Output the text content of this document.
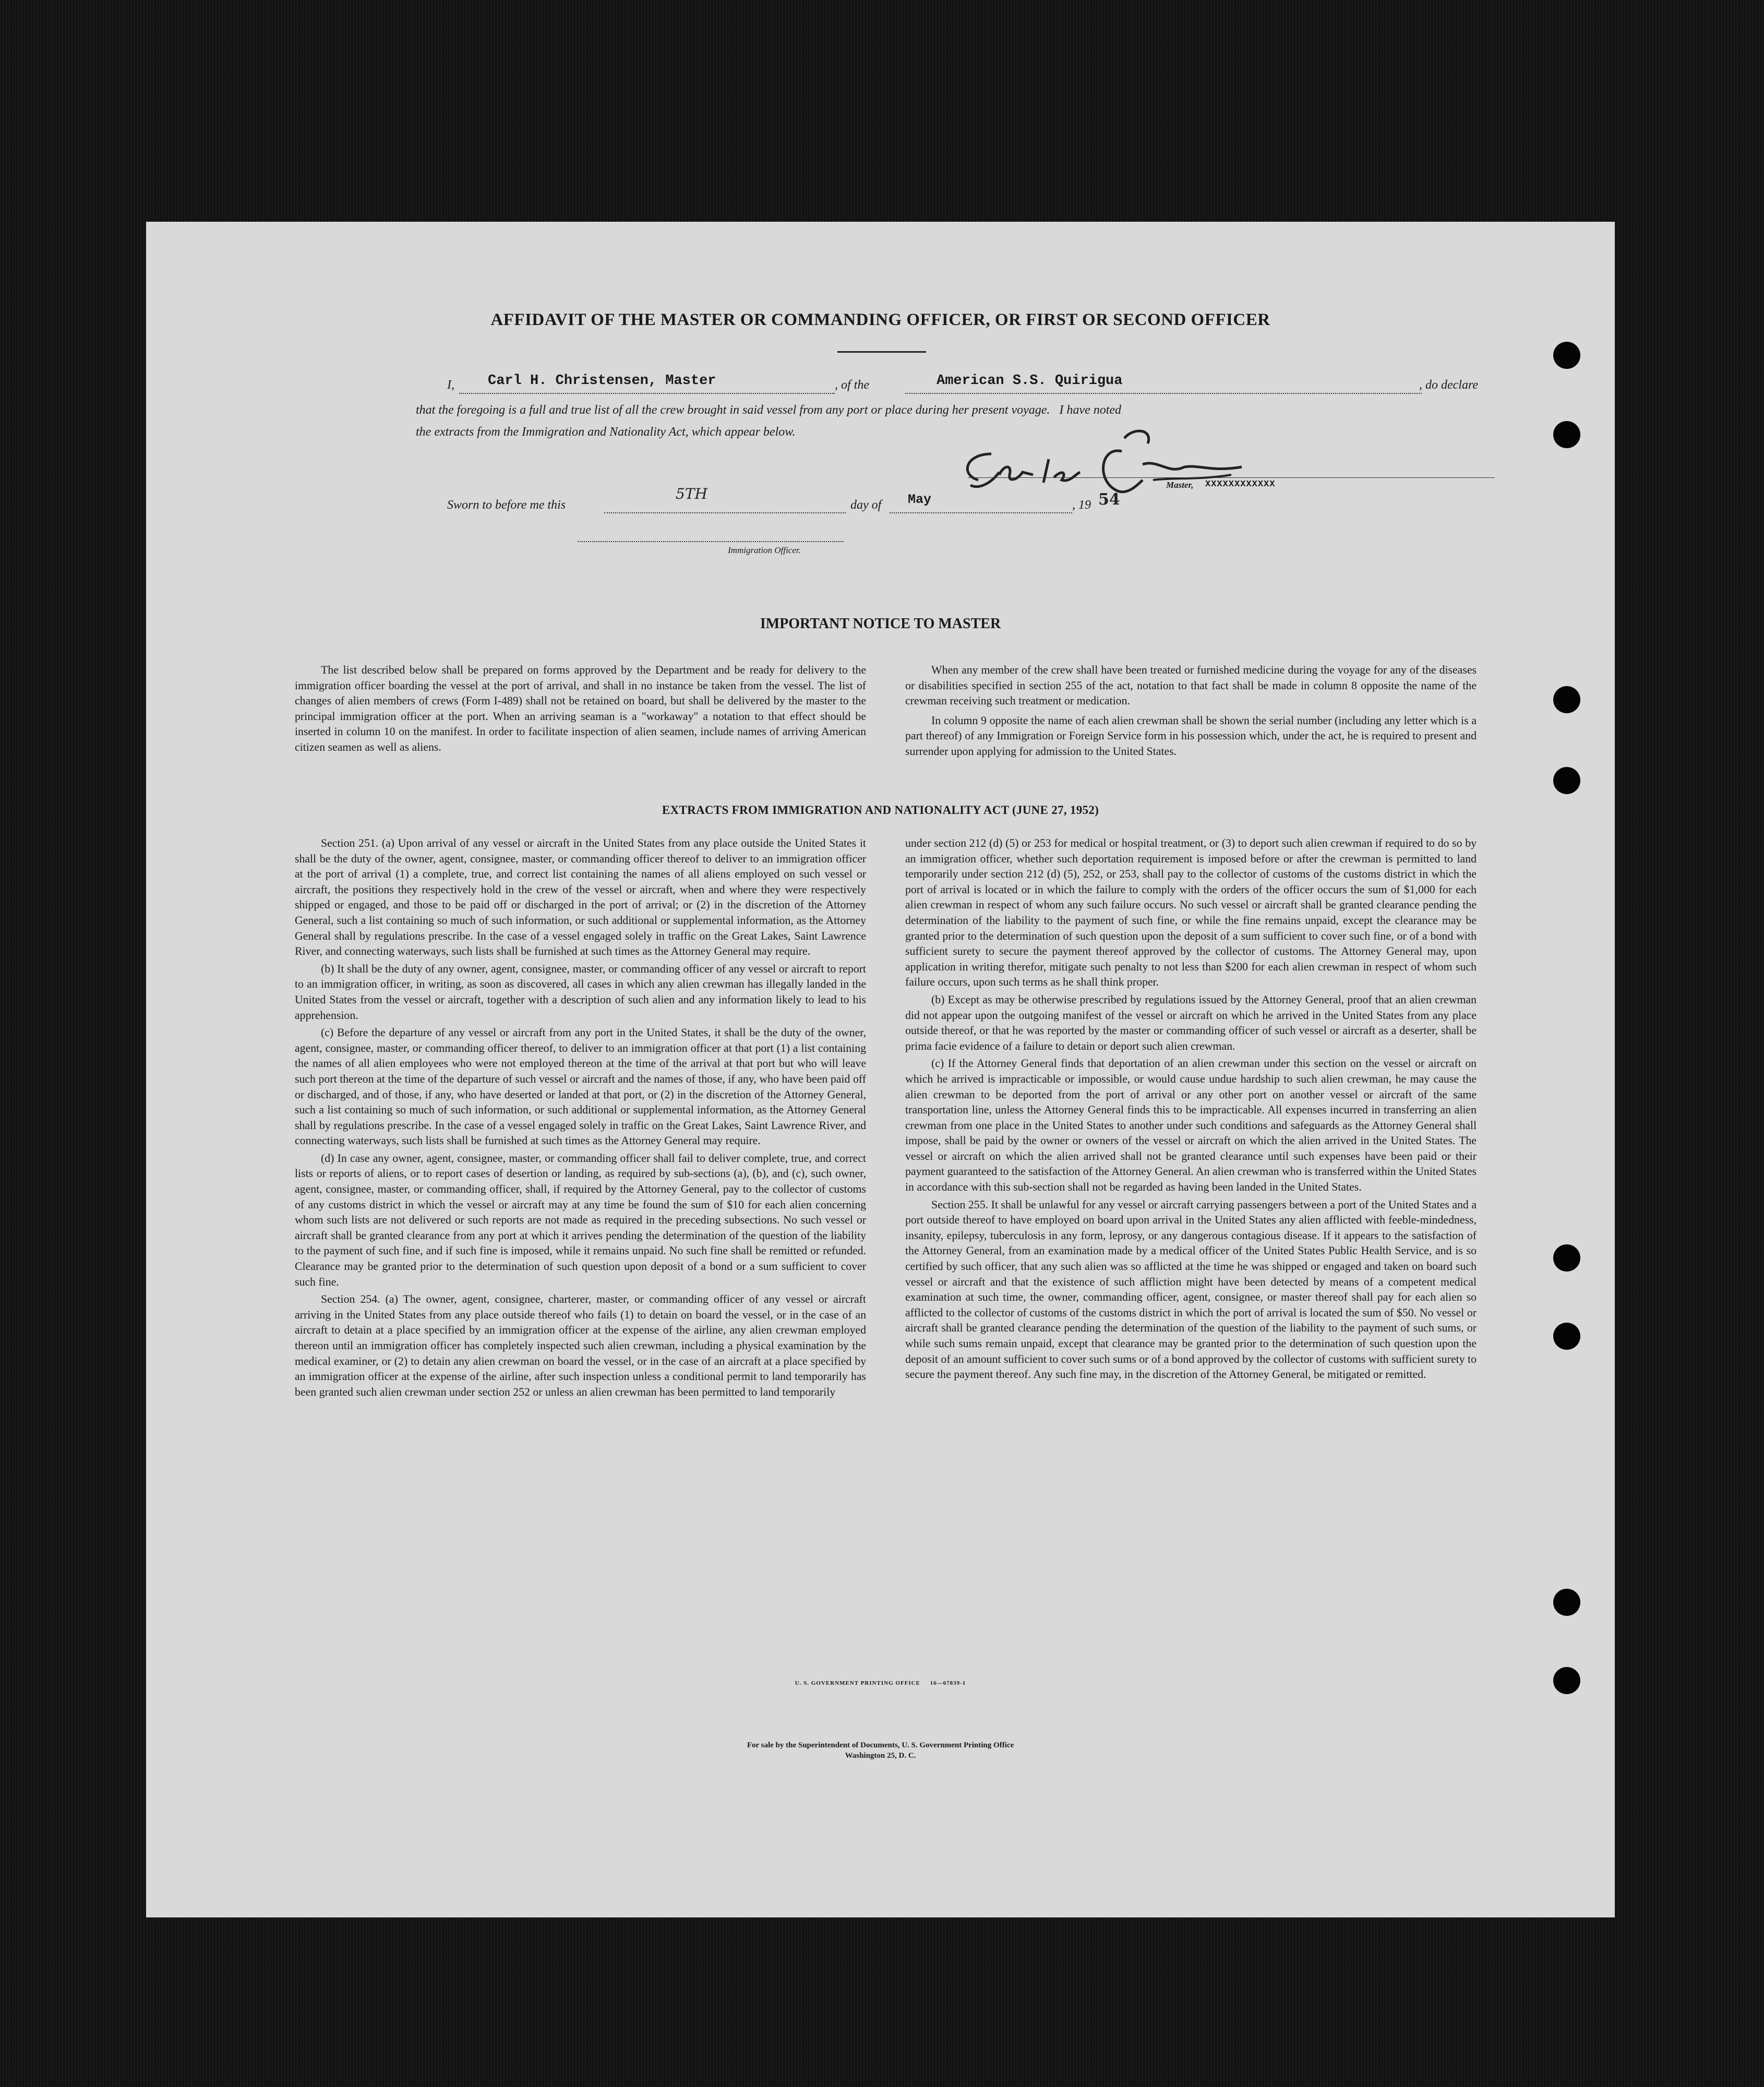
AFFIDAVIT OF THE MASTER OR COMMANDING OFFICER, OR FIRST OR SECOND OFFICER
I, Carl H. Christensen, Master	, of the	American S.S. Quirigua	, do declare
that the foregoing is a full and true list of all the crew brought in said vessel from any port or place during her present voyage.   I have noted
the extracts from the Immigration and Nationality Act, which appear below.
Master, XXXXXXXXXXXX
Sworn to before me this
5TH
day of May	, 19 54
Immigration Officer.
IMPORTANT NOTICE TO MASTER

The list described below shall be prepared on forms approved by the Department and be ready for delivery to the immigration officer boarding the vessel at the port of arrival, and shall in no instance be taken from the vessel. The list of changes of alien members of crews (Form I-489) shall not be retained on board, but shall be delivered by the master to the principal immigration officer at the port. When an arriving seaman is a "workaway" a notation to that effect should be inserted in column 10 on the manifest. In order to facilitate inspection of alien seamen, include names of arriving American citizen seamen as well as aliens.

When any member of the crew shall have been treated or furnished medicine during the voyage for any of the diseases or disabilities specified in section 255 of the act, notation to that fact shall be made in column 8 opposite the name of the crewman receiving such treatment or medication.

In column 9 opposite the name of each alien crewman shall be shown the serial number (including any letter which is a part thereof) of any Immigration or Foreign Service form in his possession which, under the act, he is required to present and surrender upon applying for admission to the United States.

EXTRACTS FROM IMMIGRATION AND NATIONALITY ACT (JUNE 27, 1952)

Section 251. (a) Upon arrival of any vessel or aircraft in the United States from any place outside the United States it shall be the duty of the owner, agent, consignee, master, or commanding officer thereof to deliver to an immigration officer at the port of arrival (1) a complete, true, and correct list containing the names of all aliens employed on such vessel or aircraft, the positions they respectively hold in the crew of the vessel or aircraft, when and where they were respectively shipped or engaged, and those to be paid off or discharged in the port of arrival; or (2) in the discretion of the Attorney General, such a list containing so much of such information, or such additional or supplemental information, as the Attorney General shall by regulations prescribe. In the case of a vessel engaged solely in traffic on the Great Lakes, Saint Lawrence River, and connecting waterways, such lists shall be furnished at such times as the Attorney General may require.

(b) It shall be the duty of any owner, agent, consignee, master, or commanding officer of any vessel or aircraft to report to an immigration officer, in writing, as soon as discovered, all cases in which any alien crewman has illegally landed in the United States from the vessel or aircraft, together with a description of such alien and any information likely to lead to his apprehension.

(c) Before the departure of any vessel or aircraft from any port in the United States, it shall be the duty of the owner, agent, consignee, master, or commanding officer thereof, to deliver to an immigration officer at that port (1) a list containing the names of all alien employees who were not employed thereon at the time of the arrival at that port but who will leave such port thereon at the time of the departure of such vessel or aircraft and the names of those, if any, who have been paid off or discharged, and of those, if any, who have deserted or landed at that port, or (2) in the discretion of the Attorney General, such a list containing so much of such information, or such additional or supplemental information, as the Attorney General shall by regulations prescribe. In the case of a vessel engaged solely in traffic on the Great Lakes, Saint Lawrence River, and connecting waterways, such lists shall be furnished at such times as the Attorney General may require.

(d) In case any owner, agent, consignee, master, or commanding officer shall fail to deliver complete, true, and correct lists or reports of aliens, or to report cases of desertion or landing, as required by sub-sections (a), (b), and (c), such owner, agent, consignee, master, or commanding officer, shall, if required by the Attorney General, pay to the collector of customs of any customs district in which the vessel or aircraft may at any time be found the sum of $10 for each alien concerning whom such lists are not delivered or such reports are not made as required in the preceding subsections. No such vessel or aircraft shall be granted clearance from any port at which it arrives pending the determination of the question of the liability to the payment of such fine, and if such fine is imposed, while it remains unpaid. No such fine shall be remitted or refunded. Clearance may be granted prior to the determination of such question upon deposit of a bond or a sum sufficient to cover such fine.

Section 254. (a) The owner, agent, consignee, charterer, master, or commanding officer of any vessel or aircraft arriving in the United States from any place outside thereof who fails (1) to detain on board the vessel, or in the case of an aircraft to detain at a place specified by an immigration officer at the expense of the airline, any alien crewman employed thereon until an immigration officer has completely inspected such alien crewman, including a physical examination by the medical examiner, or (2) to detain any alien crewman on board the vessel, or in the case of an aircraft at a place specified by an immigration officer at the expense of the airline, after such inspection unless a conditional permit to land temporarily has been granted such alien crewman under section 252 or unless an alien crewman has been permitted to land temporarily

under section 212 (d) (5) or 253 for medical or hospital treatment, or (3) to deport such alien crewman if required to do so by an immigration officer, whether such deportation requirement is imposed before or after the crewman is permitted to land temporarily under section 212 (d) (5), 252, or 253, shall pay to the collector of customs of the customs district in which the port of arrival is located or in which the failure to comply with the orders of the officer occurs the sum of $1,000 for each alien crewman in respect of whom any such failure occurs. No such vessel or aircraft shall be granted clearance pending the determination of the liability to the payment of such fine, or while the fine remains unpaid, except the clearance may be granted prior to the determination of such question upon the deposit of a sum sufficient to cover such fine, or of a bond with sufficient surety to secure the payment thereof approved by the collector of customs. The Attorney General may, upon application in writing therefor, mitigate such penalty to not less than $200 for each alien crewman in respect of whom such failure occurs, upon such terms as he shall think proper.

(b) Except as may be otherwise prescribed by regulations issued by the Attorney General, proof that an alien crewman did not appear upon the outgoing manifest of the vessel or aircraft on which he arrived in the United States from any place outside thereof, or that he was reported by the master or commanding officer of such vessel or aircraft as a deserter, shall be prima facie evidence of a failure to detain or deport such alien crewman.

(c) If the Attorney General finds that deportation of an alien crewman under this section on the vessel or aircraft on which he arrived is impracticable or impossible, or would cause undue hardship to such alien crewman, he may cause the alien crewman to be deported from the port of arrival or any other port on another vessel or aircraft of the same transportation line, unless the Attorney General finds this to be impracticable. All expenses incurred in transferring an alien crewman from one place in the United States to another under such conditions and safeguards as the Attorney General shall impose, shall be paid by the owner or owners of the vessel or aircraft on which the alien arrived in the United States. The vessel or aircraft on which the alien arrived shall not be granted clearance until such expenses have been paid or their payment guaranteed to the satisfaction of the Attorney General. An alien crewman who is transferred within the United States in accordance with this sub-section shall not be regarded as having been landed in the United States.

Section 255. It shall be unlawful for any vessel or aircraft carrying passengers between a port of the United States and a port outside thereof to have employed on board upon arrival in the United States any alien afflicted with feeble-mindedness, insanity, epilepsy, tuberculosis in any form, leprosy, or any dangerous contagious disease. If it appears to the satisfaction of the Attorney General, from an examination made by a medical officer of the United States Public Health Service, and is so certified by such officer, that any such alien was so afflicted at the time he was shipped or engaged and taken on board such vessel or aircraft and that the existence of such affliction might have been detected by means of a competent medical examination at such time, the owner, commanding officer, agent, consignee, or master thereof shall pay for each alien so afflicted to the collector of customs of the customs district in which the port of arrival is located the sum of $50. No vessel or aircraft shall be granted clearance pending the determination of the question of the liability to the payment of such sums, or while such sums remain unpaid, except that clearance may be granted prior to the determination of such question upon the deposit of an amount sufficient to cover such sums or of a bond approved by the collector of customs with sufficient surety to secure the payment thereof. Any such fine may, in the discretion of the Attorney General, be mitigated or remitted.

U. S. GOVERNMENT PRINTING OFFICE     16—67839-1
For sale by the Superintendent of Documents, U. S. Government Printing Office
Washington 25, D. C.
